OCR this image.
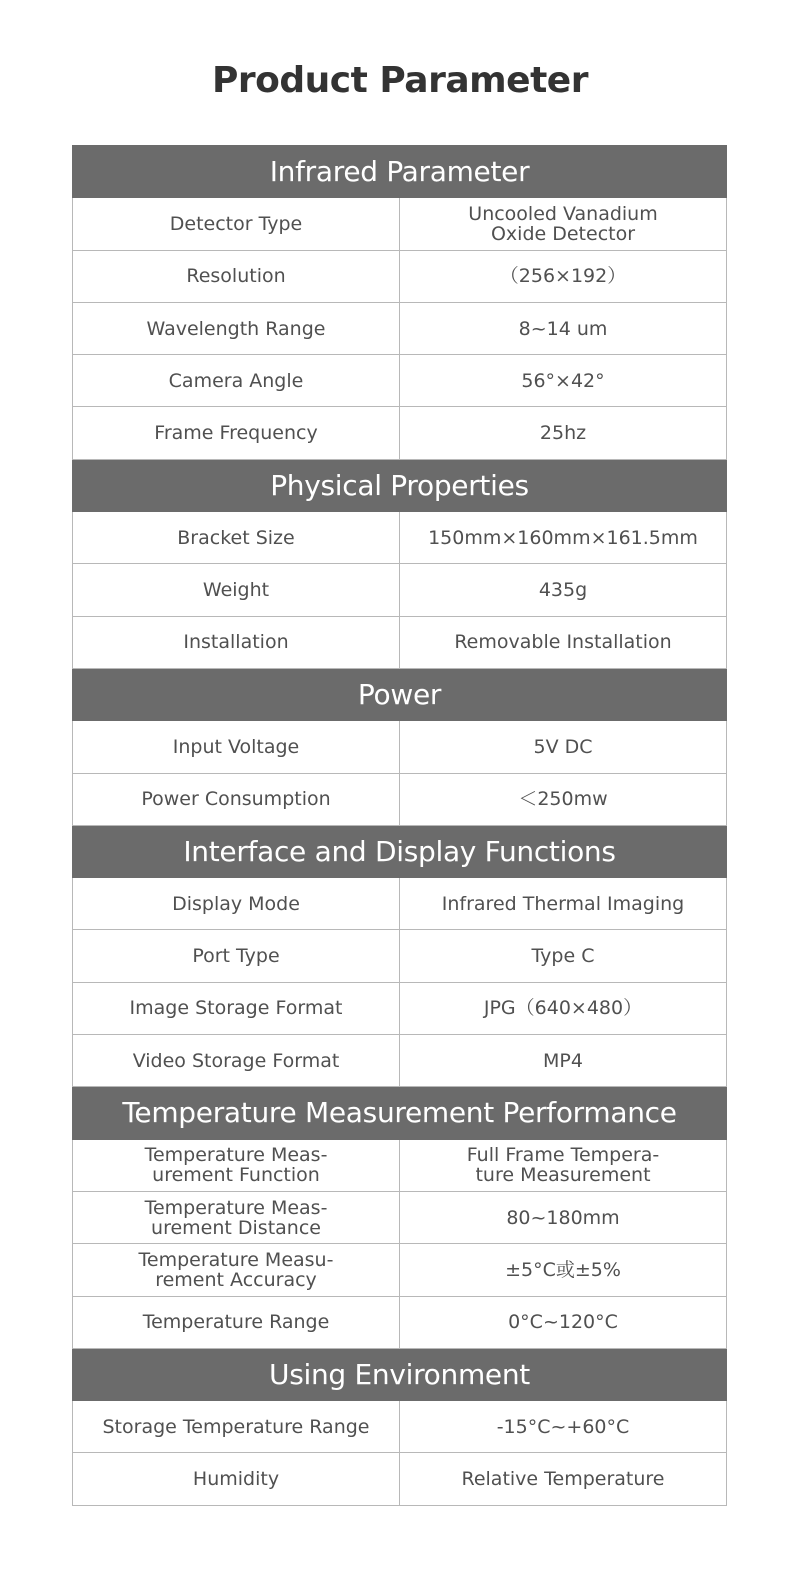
Product Parameter
Infrared Parameter	
Detector Type	Uncooled Vanadium
Oxide Detector
Resolution	（256×192）
Wavelength Range	8~14 um
Camera Angle	56°×42°
Frame Frequency	25hz
Physical Properties	
Bracket Size	150mm×160mm×161.5mm
Weight	435g
Installation	Removable Installation
Power	
Input Voltage	5V DC
Power Consumption	＜250mw
Interface and Display Functions	
Display Mode	Infrared Thermal Imaging
Port Type	Type C
Image Storage Format	JPG（640×480）
Video Storage Format	MP4
Temperature Measurement Performance	
Temperature Meas-
urement Function	Full Frame Tempera-
ture Measurement
Temperature Meas-
urement Distance	80~180mm
Temperature Measu-
rement Accuracy	±5°C或±5%
Temperature Range	0°C~120°C
Using Environment	
Storage Temperature Range	-15°C~+60°C
Humidity	Relative Temperature
